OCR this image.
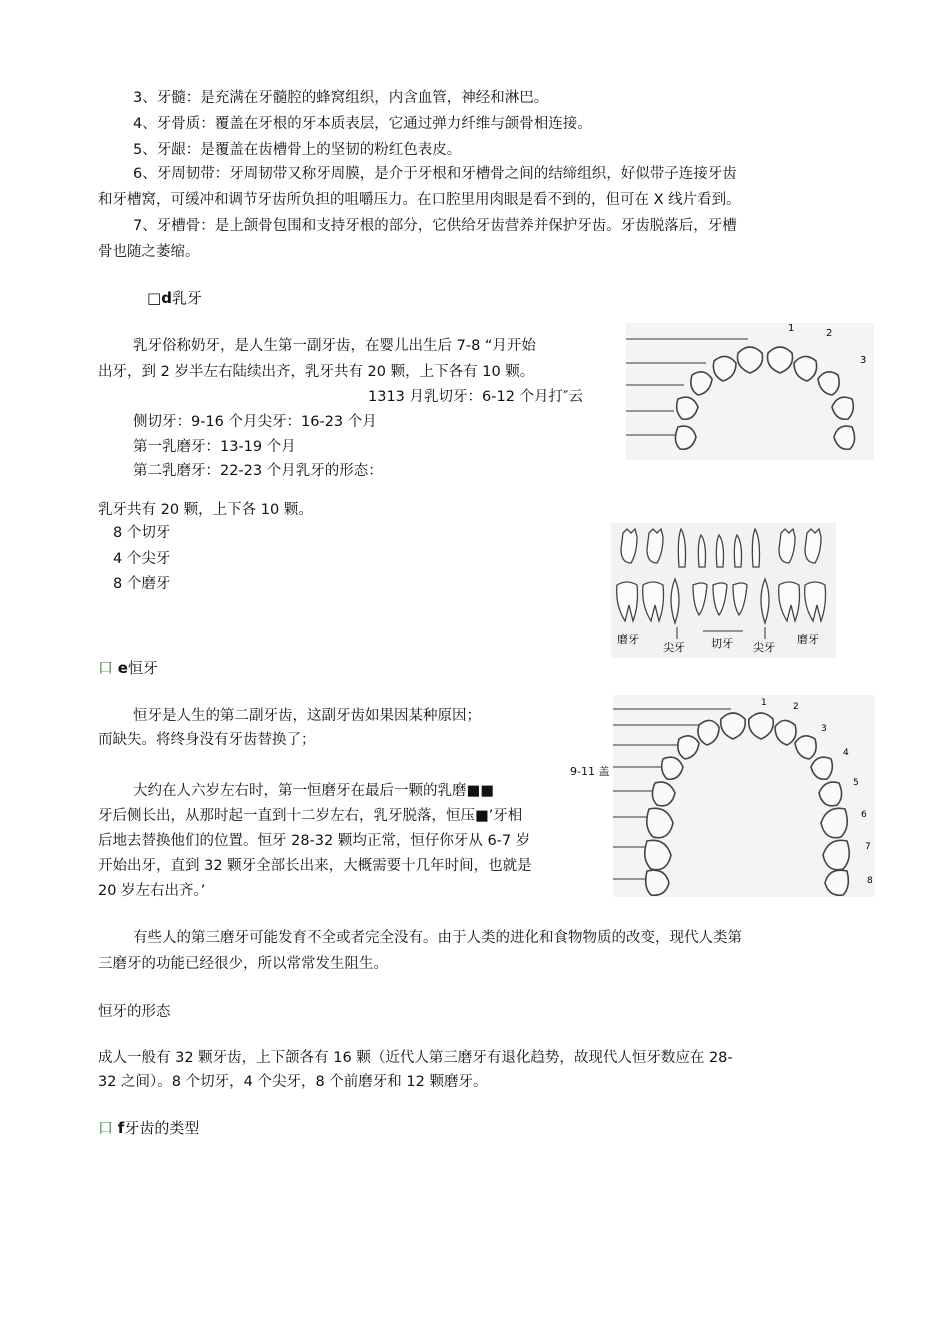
3、牙髓：是充满在牙髓腔的蜂窝组织，内含血管，神经和淋巴。
4、牙骨质：覆盖在牙根的牙本质表层，它通过弹力纤维与颌骨相连接。
5、牙龈：是覆盖在齿槽骨上的坚韧的粉红色表皮。
6、牙周韧带：牙周韧带又称牙周膜，是介于牙根和牙槽骨之间的结缔组织，好似带子连接牙齿
和牙槽窝，可缓冲和调节牙齿所负担的咀嚼压力。在口腔里用肉眼是看不到的，但可在 X 线片看到。
7、牙槽骨：是上颌骨包围和支持牙根的部分，它供给牙齿营养并保护牙齿。牙齿脱落后，牙槽
骨也随之萎缩。
□d乳牙
乳牙俗称奶牙，是人生第一副牙齿，在婴儿出生后 7-8 “月开始
出牙，到 2 岁半左右陆续出齐，乳牙共有 20 颗，上下各有 10 颗。
1313 月乳切牙：6-12 个月打″云
侧切牙：9-16 个月尖牙：16-23 个月
第一乳磨牙：13-19 个月
第二乳磨牙：22-23 个月乳牙的形态：
1	2
3
乳牙共有 20 颗，上下各 10 颗。
8 个切牙
4 个尖牙
8 个磨牙
磨牙
尖牙 切牙 尖牙
磨牙
口 e恒牙
恒牙是人生的第二副牙齿，这副牙齿如果因某种原因；
而缺失。将终身没有牙齿替换了；
9-11 盖
大约在人六岁左右时，第一恒磨牙在最后一颗的乳磨■■
牙后侧长出，从那时起一直到十二岁左右，乳牙脱落，恒压■’牙相
后地去替换他们的位置。恒牙 28-32 颗均正常，恒仔你牙从 6-7 岁
开始出牙，直到 32 颗牙全部长出来，大概需要十几年时间，也就是
20 岁左右出齐。’
1	2
3
4
5
6
7
8
有些人的第三磨牙可能发育不全或者完全没有。由于人类的进化和食物物质的改变，现代人类第
三磨牙的功能已经很少，所以常常发生阻生。
恒牙的形态
成人一般有 32 颗牙齿，上下颌各有 16 颗（近代人第三磨牙有退化趋势，故现代人恒牙数应在 28-
32 之间）。8 个切牙，4 个尖牙，8 个前磨牙和 12 颗磨牙。
口 f牙齿的类型
